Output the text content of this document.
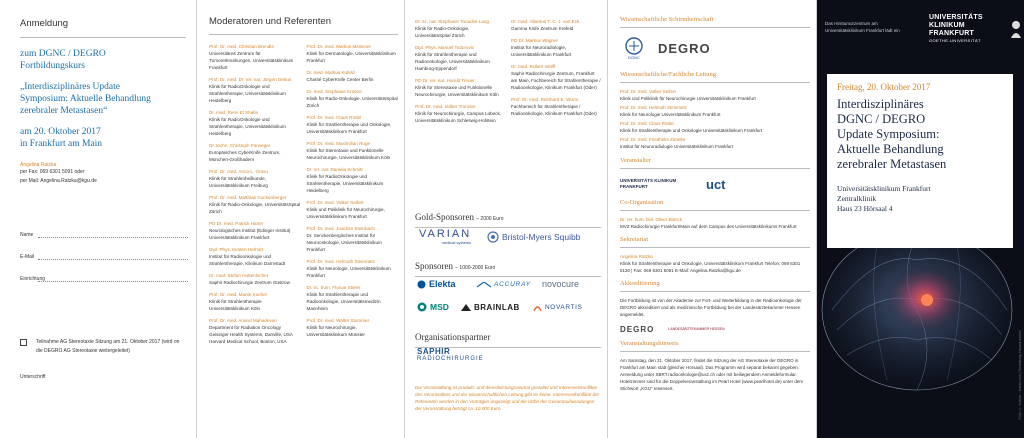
Anmeldung
zum DGNC / DEGRO
Fortbildungskurs
„Interdisziplinäres Update
Symposium: Aktuelle Behandlung
zerebraler Metastasen“
am 20. Oktober 2017
in Frankfurt am Main
Angelina Ratzka
per Fax: 069 6301 5091 oder
per Mail: Angelina.Ratzka@kgu.de
Name
E-Mail
Einrichtung
Teilnahme AG Stereotaxie Sitzung am 21. Oktober 2017 (wird on die DEGRO AG Stereotaxie weitergeleitet)
Unterschrift
Moderatoren und Referenten
Prof. Dr. med. Christian Brendts
Universitäres Zentrum für Tumorerkrankungen, Universitätsklinikum Frankfurt
Prof. Dr. med. Dr. rer. nat. Jürgen Debus
Klinik für RadioOnkologie und Strahlentherapie, Universitätsklinikum Heidelberg
Dr. med. Remi El Shafie
Klinik für RadioOnkologie und Strahlentherapie, Universitätsklinikum Heidelberg
Dr. techn. Christoph Fürweger
Europäisches CyberKnife Zentrum, München-Großhadern
Prof. Dr. med. Anca-L. Grosu
Klinik für Strahlenheilkunde, Universitätsklinikum Freiburg
Prof. Dr. med. Matthias Guckenberger
Klinik für Radio-Onkologie, UniversitätsSpital Zürich
PD Dr. med. Patrick Harter
Neurologisches Institut (Edinger Institut) Universitätsklinikum Frankfurt
Dipl. Phys. Kirsten Herholz
Institut für Radioonkologie und Strahlentherapie, Klinikum Darmstadt
Dr. med. Stefan Huttenlocher
Saphir Radiochirurgie Zentrum Güstrow
Prof. Dr. med. Martin Kocher
Klinik für Strahlentherapie Universitätsklinikum Köln
Prof. Dr. med. Anand Mahadevan
Department for Radiation Oncology Geisinger Health Systems, Danville, USA Harvard Medical School, Boston, USA
Prof. Dr. med. Markus Meissner
Klinik für Dermatologie, Universitätsklinikum Frankfurt
Dr. med. Markus Kufeld
Charité CyberKnife Center Berlin
Dr. med. Stephanie Kroeze
Klinik für Radio-Onkologie, UniversitätsSpital Zürich
Prof. Dr. med. Claus Rödel
Klinik für Strahlentherapie und Onkologie, Universitätsklinikum Frankfurt
Prof. Dr. med. Maximilian Ruge
Klinik für Stereotaxie und Funktionelle Neurochirurgie, Universitätsklinikum Köln
Dr. rer. nat. Daniela Schmitt
Klinik für RadioOnkologie und Strahlentherapie, Universitätsklinikum Heidelberg
Prof. Dr. med. Volker Seifert
Klinik und Poliklinik für Neurochirurgie, Universitätsklinikum Frankfurt
Prof. Dr. med. Joachim Steinbach
Dr. Senckenbergisches Institut für Neuroonkologie, Universitätsklinikum Frankfurt
Prof. Dr. med. Helmuth Steinmetz
Klinik für Neurologie, Universitätsklinikum Frankfurt
Dr. sc. hum. Florian Stieler
Klinik für Strahlentherapie und Radioonkologie, Universitätsmedizin Mannheim
Prof. Dr. med. Walter Stummer
Klinik für Neurochirurgie, Universitätsklinikum Münster
Dr. sc. nat. Stephanie Tanadini-Lang
Klinik für Radio-Onkologie, UniversitätsSpital Zürich
Dipl. Phys. Manuel Todorovic
Klinik für Strahlentherapie und Radioonkologie, Universitätsklinikum Hamburg-Eppendorf
PD Dr. rer. nat. Harald Treuer
Klinik für Stereotaxie und Funktionelle Neurochirurgie, Universitätsklinikum Köln
Prof. Dr. med. Volker Tronnier
Klinik für Neurochirurgie, Campus Lübeck, Universitätsklinikum Schleswig-Holstein
Dr. med. Albertus T. C. J. van Eck
Gamma Knife Zentrum Krefeld
PD Dr. Markus Wagner
Institut für Neuroradiologie, Universitätsklinikum Frankfurt
Dr. med. Robert Wolff
Saphir Radiochirurgie Zentrum, Frankfurt am Main, Fachbereich für Strahlentherapie / Radioonkologie, Klinikum Frankfurt (Oder)
Prof. Dr. med. Reinhard E. Wurm
Fachbereich für Strahlentherapie / Radioonkologie, Klinikum Frankfurt (Oder)
Gold-Sponsoren – 2000 Euro
VARIAN
medical systems
Bristol-Myers Squibb
Sponsoren – 1000-2000 Euro
Elekta	ACCURAY novocure
MSD	BRAINLAB	NOVARTIS
Organisationspartner
SAPHIR
RADIOCHIRURGIE
Die Veranstaltung ist produkt- und dienstleistungsneutral gestaltet und Interessenkonflikte des Veranstalters und der wissenschaftlichen Leitung gibt es keine. Interessenkonflikte der Referenten werden in den Vorträgen angezeigt und die Höhe der Gesamtaufwendungen der Veranstaltung beträgt ca. 10.000 Euro.
Wissenschaftliche Schirmherrschaft
DGNC
DEGRO
Wissenschaftliche/Fachliche Leitung
Prof. Dr. med. Volker Seifert
Klinik und Poliklinik für Neurochirurgie Universitätsklinikum Frankfurt
Prof. Dr. med. Helmuth Steinmetz
Klinik für Neurologie Universitätsklinikum Frankfurt
Prof. Dr. med. Claus Rödel
Klinik für Strahlentherapie und Onkologie Universitätsklinikum Frankfurt
Prof. Dr. med. Friedhelm Zanella
Institut für Neuroradiologie Universitätsklinikum Frankfurt
Veranstalter
UNIVERSITÄTS KLINIKUM FRANKFURT	uct
Co-Organisation
Dr. rer. hum. biol. Oliver Blanck
MVZ Radiochirurgie Frankfurt/Main auf dem Campus des Universitätsklinikums Frankfurt
Sekretariat
Angelina Ratzka
Klinik für Strahlentherapie und Onkologie, Universitätsklinikum Frankfurt Telefon: 069 6301 5130 | Fax: 069 6301 5091 E-Mail: Angelina.Ratzka@kgu.de
Akkreditierung
Die Fortbildung ist von der Akademie zur Fort- und Weiterbildung in der Radioonkologie der DEGRO akkreditiert und als medizinische Fortbildung bei der Landesärztekammer Hessen angemeldet.
DEGRO	LANDESÄRZTEKAMMER HESSEN
Veranstaltungshinweis
Am Samstag, den 21. Oktober 2017, findet die Sitzung der AG Stereotaxie der DEGRO in Frankfurt am Main statt (gleicher Hörsaal). Das Programm wird separat bekannt gegeben. Anmeldung unter SBRT.radioonkologie@usz.ch oder mit beiliegendem Anmeldeformular. Hotelzimmer sind für die Doppelveranstaltung im Pearl Hotel (www.pearlhotel.de) unter dem Stichwort „KGU“ reserviert.
Das Hirntumorzentrum am Universitätsklinikum Frankfurt lädt ein
UNIVERSITÄTS
KLINIKUM FRANKFURT
GOETHE-UNIVERSITÄT
Freitag, 20. Oktober 2017
Interdisziplinäres
DGNC / DEGRO
Update Symposium:
Aktuelle Behandlung
zerebraler Metastasen
Universitätsklinikum Frankfurt
Zentralklinik
Haus 23 Hörsaal 4
Foto: © Kolmar - fotolia.com | Gestaltung: Hausdruckerei
